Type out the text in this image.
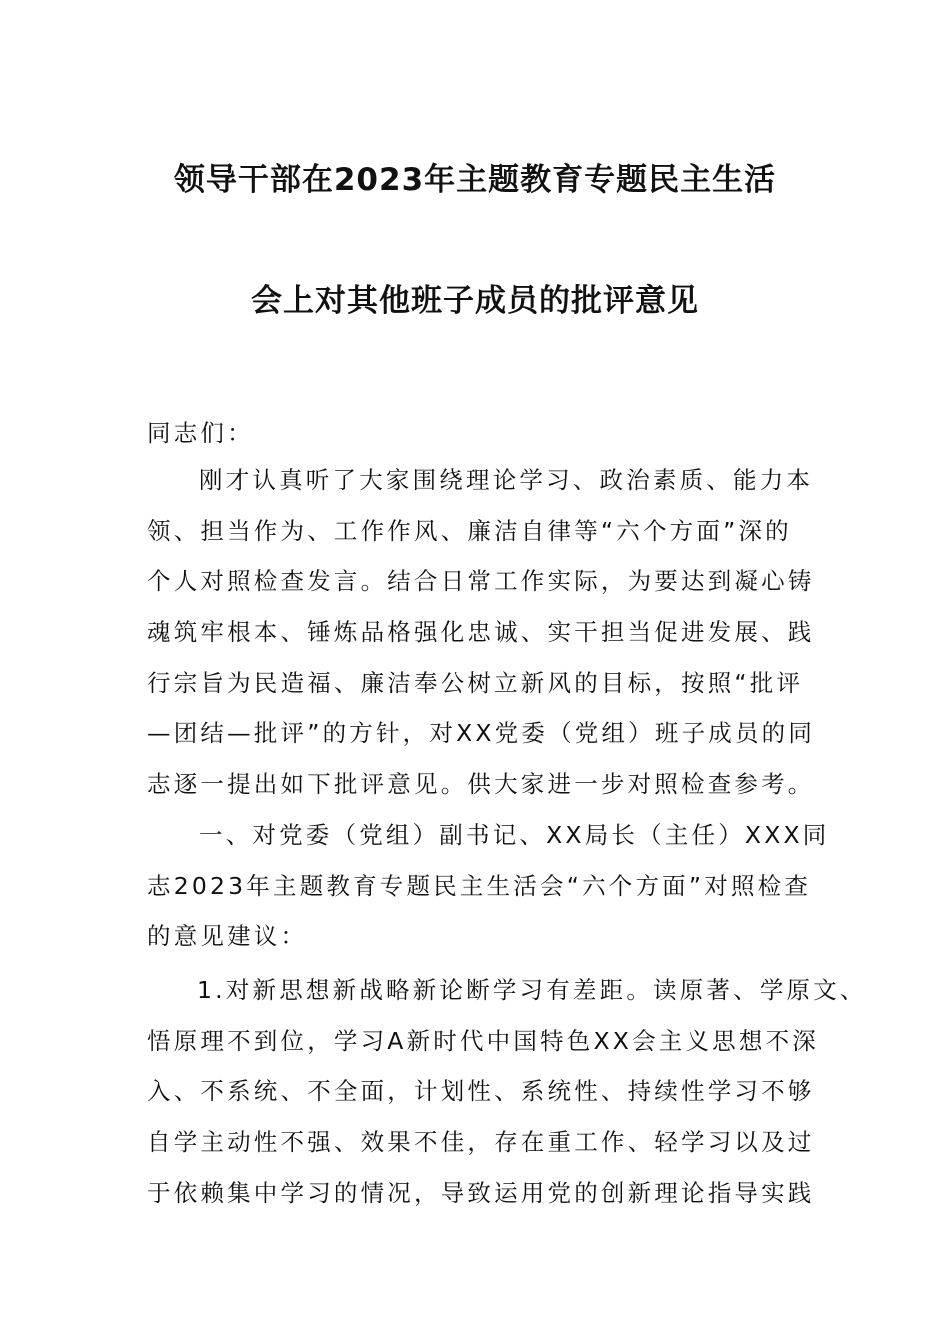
领导干部在2023年主题教育专题民主生活
会上对其他班子成员的批评意见
同志们：
刚才认真听了大家围绕理论学习、政治素质、能力本
领、担当作为、工作作风、廉洁自律等“六个方面”深的
个人对照检查发言。结合日常工作实际，为要达到凝心铸
魂筑牢根本、锤炼品格强化忠诚、实干担当促进发展、践
行宗旨为民造福、廉洁奉公树立新风的目标，按照“批评
—团结—批评”的方针，对XX党委（党组）班子成员的同
志逐一提出如下批评意见。供大家进一步对照检查参考。
一、对党委（党组）副书记、XX局长（主任）XXX同
志2023年主题教育专题民主生活会“六个方面”对照检查
的意见建议：
1.对新思想新战略新论断学习有差距。读原著、学原文、
悟原理不到位，学习A新时代中国特色XX会主义思想不深
入、不系统、不全面，计划性、系统性、持续性学习不够
自学主动性不强、效果不佳，存在重工作、轻学习以及过
于依赖集中学习的情况，导致运用党的创新理论指导实践
